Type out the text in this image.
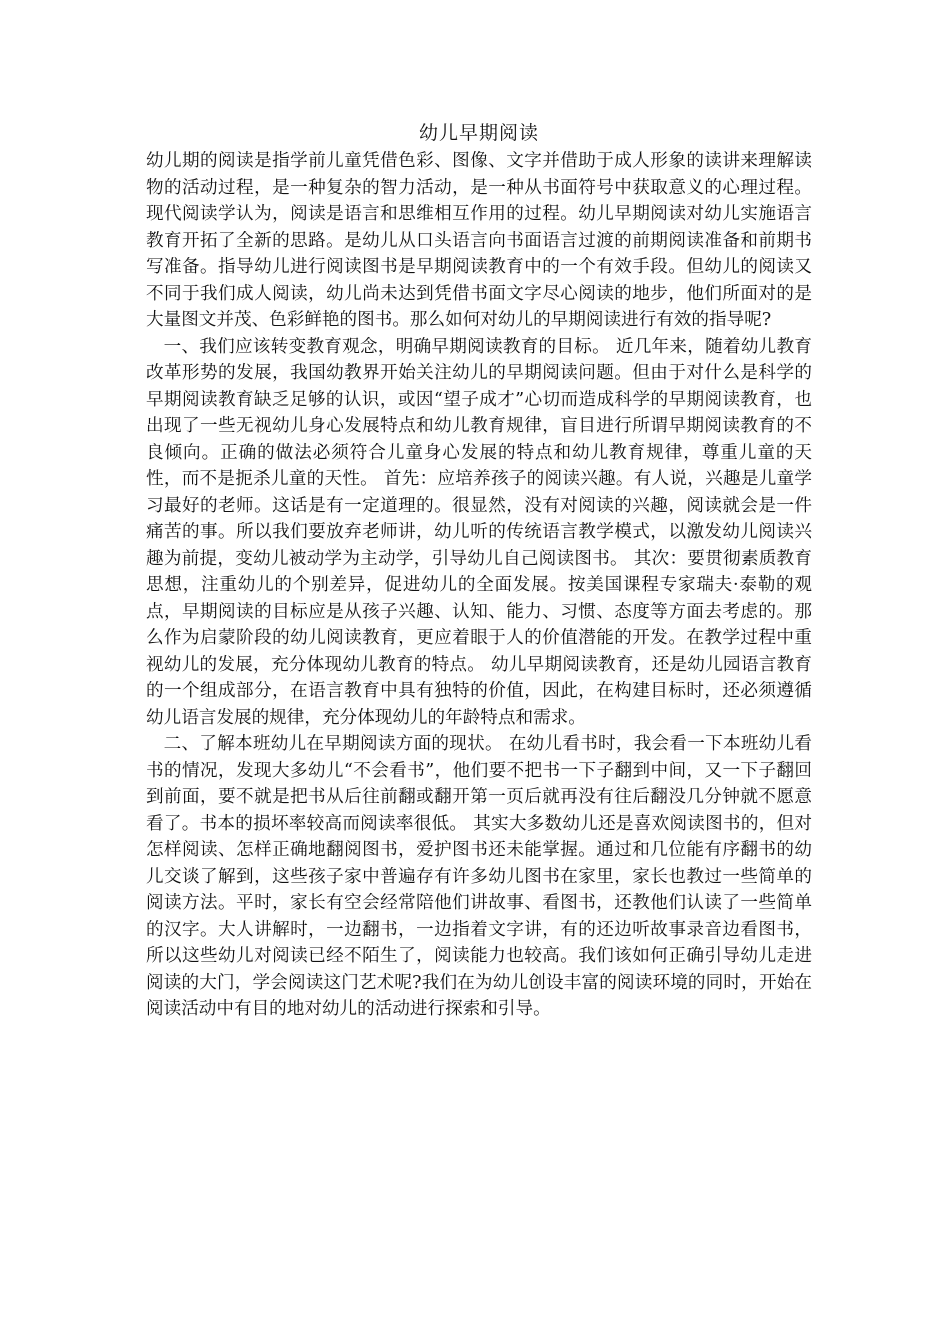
幼儿早期阅读

幼儿期的阅读是指学前儿童凭借色彩、图像、文字并借助于成人形象的读讲来理解读物的活动过程，是一种复杂的智力活动，是一种从书面符号中获取意义的心理过程。现代阅读学认为，阅读是语言和思维相互作用的过程。幼儿早期阅读对幼儿实施语言教育开拓了全新的思路。是幼儿从口头语言向书面语言过渡的前期阅读准备和前期书写准备。指导幼儿进行阅读图书是早期阅读教育中的一个有效手段。但幼儿的阅读又不同于我们成人阅读，幼儿尚未达到凭借书面文字尽心阅读的地步，他们所面对的是大量图文并茂、色彩鲜艳的图书。那么如何对幼儿的早期阅读进行有效的指导呢?

一、我们应该转变教育观念，明确早期阅读教育的目标。 近几年来，随着幼儿教育改革形势的发展，我国幼教界开始关注幼儿的早期阅读问题。但由于对什么是科学的早期阅读教育缺乏足够的认识，或因“望子成才”心切而造成科学的早期阅读教育，也出现了一些无视幼儿身心发展特点和幼儿教育规律，盲目进行所谓早期阅读教育的不良倾向。正确的做法必须符合儿童身心发展的特点和幼儿教育规律，尊重儿童的天性，而不是扼杀儿童的天性。 首先：应培养孩子的阅读兴趣。有人说，兴趣是儿童学习最好的老师。这话是有一定道理的。很显然，没有对阅读的兴趣，阅读就会是一件痛苦的事。所以我们要放弃老师讲，幼儿听的传统语言教学模式，以激发幼儿阅读兴趣为前提，变幼儿被动学为主动学，引导幼儿自己阅读图书。 其次：要贯彻素质教育思想，注重幼儿的个别差异，促进幼儿的全面发展。按美国课程专家瑞夫·泰勒的观点，早期阅读的目标应是从孩子兴趣、认知、能力、习惯、态度等方面去考虑的。那么作为启蒙阶段的幼儿阅读教育，更应着眼于人的价值潜能的开发。在教学过程中重视幼儿的发展，充分体现幼儿教育的特点。 幼儿早期阅读教育，还是幼儿园语言教育的一个组成部分，在语言教育中具有独特的价值，因此，在构建目标时，还必须遵循幼儿语言发展的规律，充分体现幼儿的年龄特点和需求。

二、了解本班幼儿在早期阅读方面的现状。 在幼儿看书时，我会看一下本班幼儿看书的情况，发现大多幼儿“不会看书”，他们要不把书一下子翻到中间，又一下子翻回到前面，要不就是把书从后往前翻或翻开第一页后就再没有往后翻没几分钟就不愿意看了。书本的损坏率较高而阅读率很低。 其实大多数幼儿还是喜欢阅读图书的，但对怎样阅读、怎样正确地翻阅图书，爱护图书还未能掌握。通过和几位能有序翻书的幼儿交谈了解到，这些孩子家中普遍存有许多幼儿图书在家里，家长也教过一些简单的阅读方法。平时，家长有空会经常陪他们讲故事、看图书，还教他们认读了一些简单的汉字。大人讲解时，一边翻书，一边指着文字讲，有的还边听故事录音边看图书，所以这些幼儿对阅读已经不陌生了，阅读能力也较高。我们该如何正确引导幼儿走进阅读的大门，学会阅读这门艺术呢?我们在为幼儿创设丰富的阅读环境的同时，开始在阅读活动中有目的地对幼儿的活动进行探索和引导。
